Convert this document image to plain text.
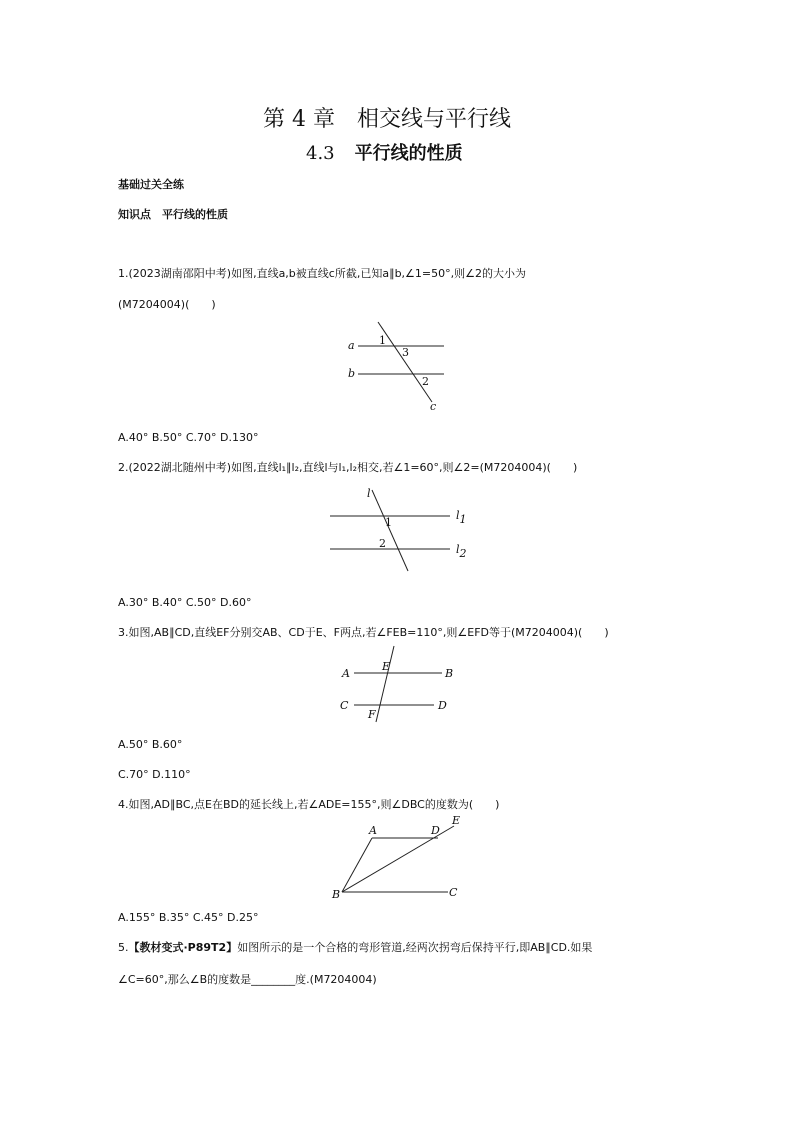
第 4 章　相交线与平行线
4.3 平行线的性质
基础过关全练
知识点　平行线的性质
1.(2023湖南邵阳中考)如图,直线a,b被直线c所截,已知a∥b,∠1=50°,则∠2的大小为
(M7204004)(　　)
a
b
c
1
3
2
A.40° B.50° C.70° D.130°
2.(2022湖北随州中考)如图,直线l₁∥l₂,直线l与l₁,l₂相交,若∠1=60°,则∠2=(M7204004)(　　)
l
l1
l2
1
2
A.30° B.40° C.50° D.60°
3.如图,AB∥CD,直线EF分别交AB、CD于E、F两点,若∠FEB=110°,则∠EFD等于(M7204004)(　　)
A
E
B
C
F
D
A.50° B.60°
C.70° D.110°
4.如图,AD∥BC,点E在BD的延长线上,若∠ADE=155°,则∠DBC的度数为(　　)
A	D
E
B	C
A.155° B.35° C.45° D.25°
5.【教材变式·P89T2】如图所示的是一个合格的弯形管道,经两次拐弯后保持平行,即AB∥CD.如果
∠C=60°,那么∠B的度数是________度.(M7204004)
